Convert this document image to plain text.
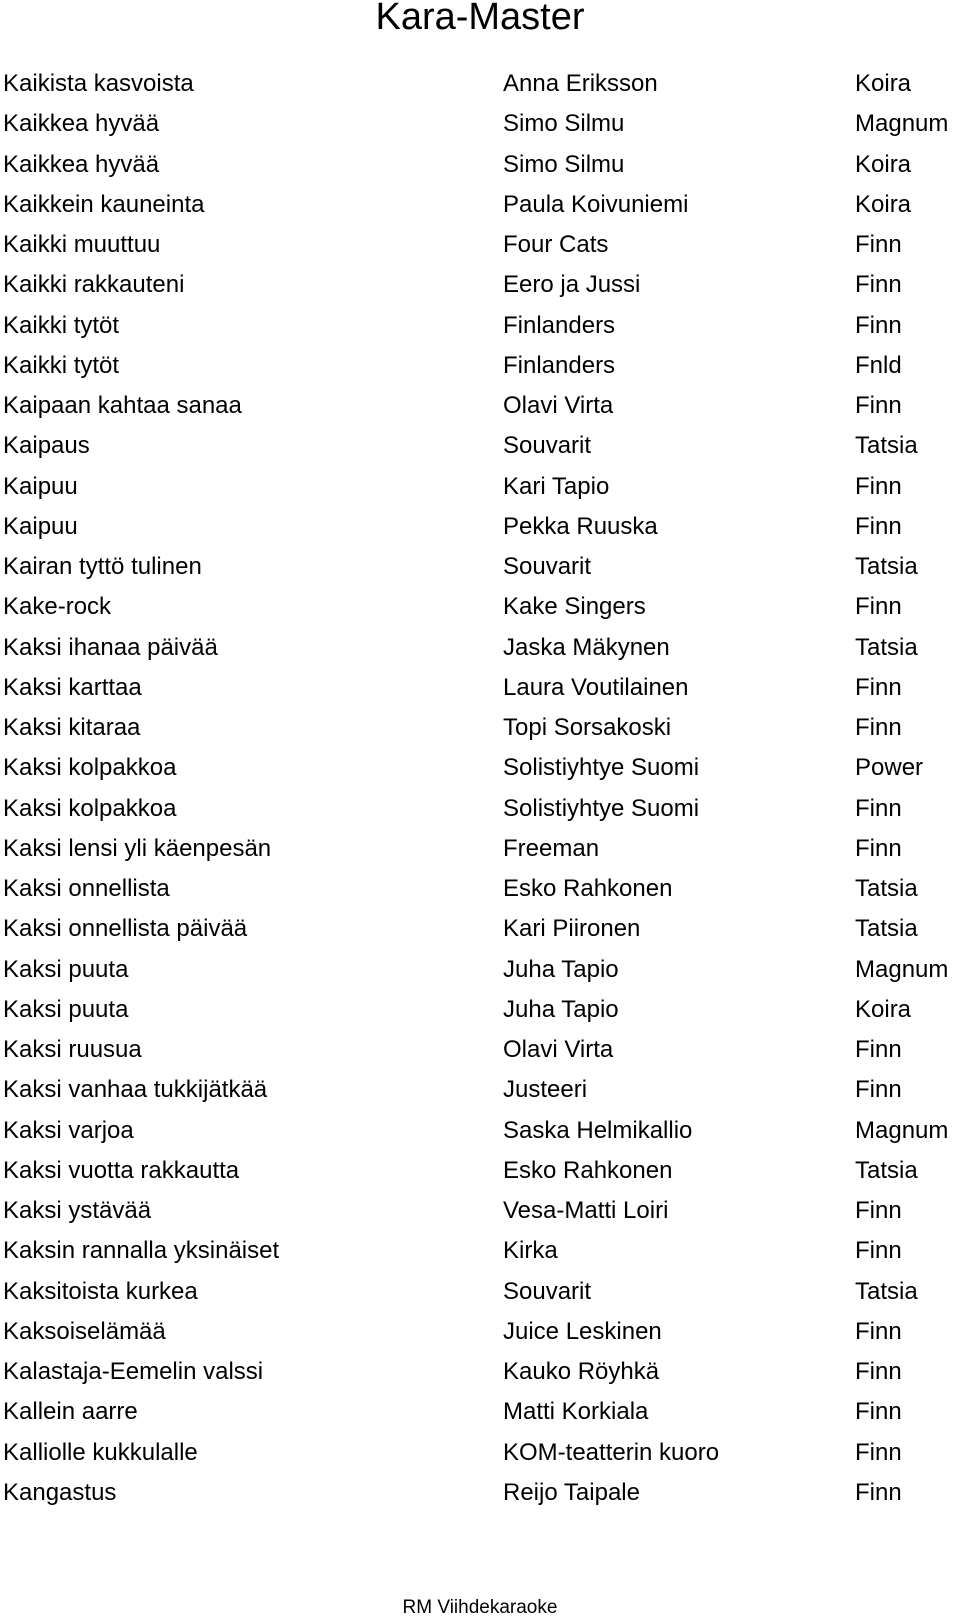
Kara-Master
Kaikista kasvoista	Anna Eriksson	Koira
Kaikkea hyvää	Simo Silmu	Magnum
Kaikkea hyvää	Simo Silmu	Koira
Kaikkein kauneinta	Paula Koivuniemi	Koira
Kaikki muuttuu	Four Cats	Finn
Kaikki rakkauteni	Eero ja Jussi	Finn
Kaikki tytöt	Finlanders	Finn
Kaikki tytöt	Finlanders	Fnld
Kaipaan kahtaa sanaa	Olavi Virta	Finn
Kaipaus	Souvarit	Tatsia
Kaipuu	Kari Tapio	Finn
Kaipuu	Pekka Ruuska	Finn
Kairan tyttö tulinen	Souvarit	Tatsia
Kake-rock	Kake Singers	Finn
Kaksi ihanaa päivää	Jaska Mäkynen	Tatsia
Kaksi karttaa	Laura Voutilainen	Finn
Kaksi kitaraa	Topi Sorsakoski	Finn
Kaksi kolpakkoa	Solistiyhtye Suomi	Power
Kaksi kolpakkoa	Solistiyhtye Suomi	Finn
Kaksi lensi yli käenpesän	Freeman	Finn
Kaksi onnellista	Esko Rahkonen	Tatsia
Kaksi onnellista päivää	Kari Piironen	Tatsia
Kaksi puuta	Juha Tapio	Magnum
Kaksi puuta	Juha Tapio	Koira
Kaksi ruusua	Olavi Virta	Finn
Kaksi vanhaa tukkijätkää	Justeeri	Finn
Kaksi varjoa	Saska Helmikallio	Magnum
Kaksi vuotta rakkautta	Esko Rahkonen	Tatsia
Kaksi ystävää	Vesa-Matti Loiri	Finn
Kaksin rannalla yksinäiset	Kirka	Finn
Kaksitoista kurkea	Souvarit	Tatsia
Kaksoiselämää	Juice Leskinen	Finn
Kalastaja-Eemelin valssi	Kauko Röyhkä	Finn
Kallein aarre	Matti Korkiala	Finn
Kalliolle kukkulalle	KOM-teatterin kuoro	Finn
Kangastus	Reijo Taipale	Finn
RM Viihdekaraoke
